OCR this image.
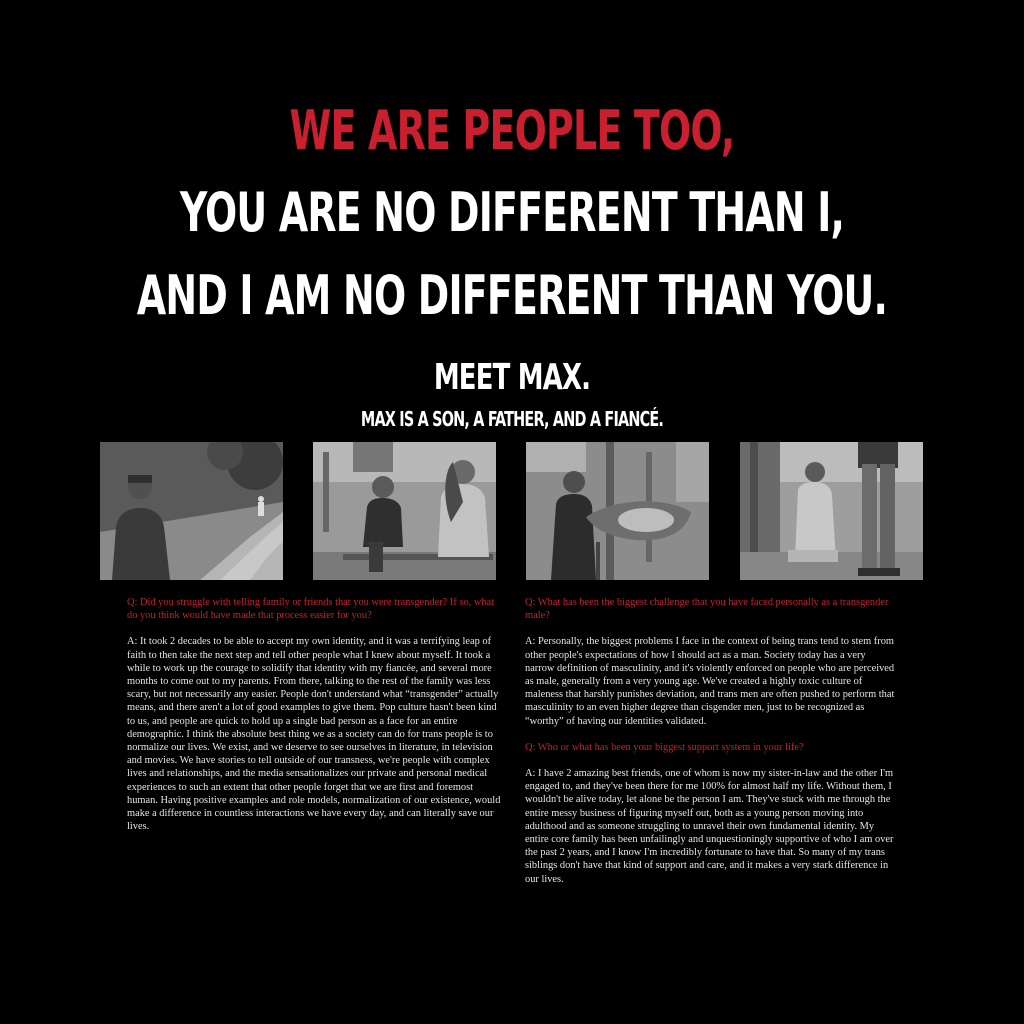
WE ARE PEOPLE TOO,
YOU ARE NO DIFFERENT THAN I,
AND I AM NO DIFFERENT THAN YOU.
MEET MAX.
MAX IS A SON, A FATHER, AND A FIANCÉ.

Q: Did you struggle with telling family or friends that you were transgender? If so, what do you think would have made that process easier for you?

A: It took 2 decades to be able to accept my own identity, and it was a terrifying leap of faith to then take the next step and tell other people what I knew about myself. It took a while to work up the courage to solidify that identity with my fiancée, and several more months to come out to my parents. From there, talking to the rest of the family was less scary, but not necessarily any easier. People don't understand what “transgender” actually means, and there aren't a lot of good examples to give them. Pop culture hasn't been kind to us, and people are quick to hold up a single bad person as a face for an entire demographic. I think the absolute best thing we as a society can do for trans people is to normalize our lives. We exist, and we deserve to see ourselves in literature, in television and movies. We have stories to tell outside of our transness, we're people with complex lives and relationships, and the media sensationalizes our private and personal medical experiences to such an extent that other people forget that we are first and foremost human. Having positive examples and role models, normalization of our existence, would make a difference in countless interactions we have every day, and can literally save our lives.

Q: What has been the biggest challenge that you have faced personally as a transgender male?

A: Personally, the biggest problems I face in the context of being trans tend to stem from other people's expectations of how I should act as a man. Society today has a very narrow definition of masculinity, and it's violently enforced on people who are perceived as male, generally from a very young age. We've created a highly toxic culture of maleness that harshly punishes deviation, and trans men are often pushed to perform that masculinity to an even higher degree than cisgender men, just to be recognized as “worthy” of having our identities validated.

Q: Who or what has been your biggest support system in your life?

A: I have 2 amazing best friends, one of whom is now my sister-in-law and the other I'm engaged to, and they've been there for me 100% for almost half my life. Without them, I wouldn't be alive today, let alone be the person I am. They've stuck with me through the entire messy business of figuring myself out, both as a young person moving into adulthood and as someone struggling to unravel their own fundamental identity. My entire core family has been unfailingly and unquestioningly supportive of who I am over the past 2 years, and I know I'm incredibly fortunate to have that. So many of my trans siblings don't have that kind of support and care, and it makes a very stark difference in our lives.
